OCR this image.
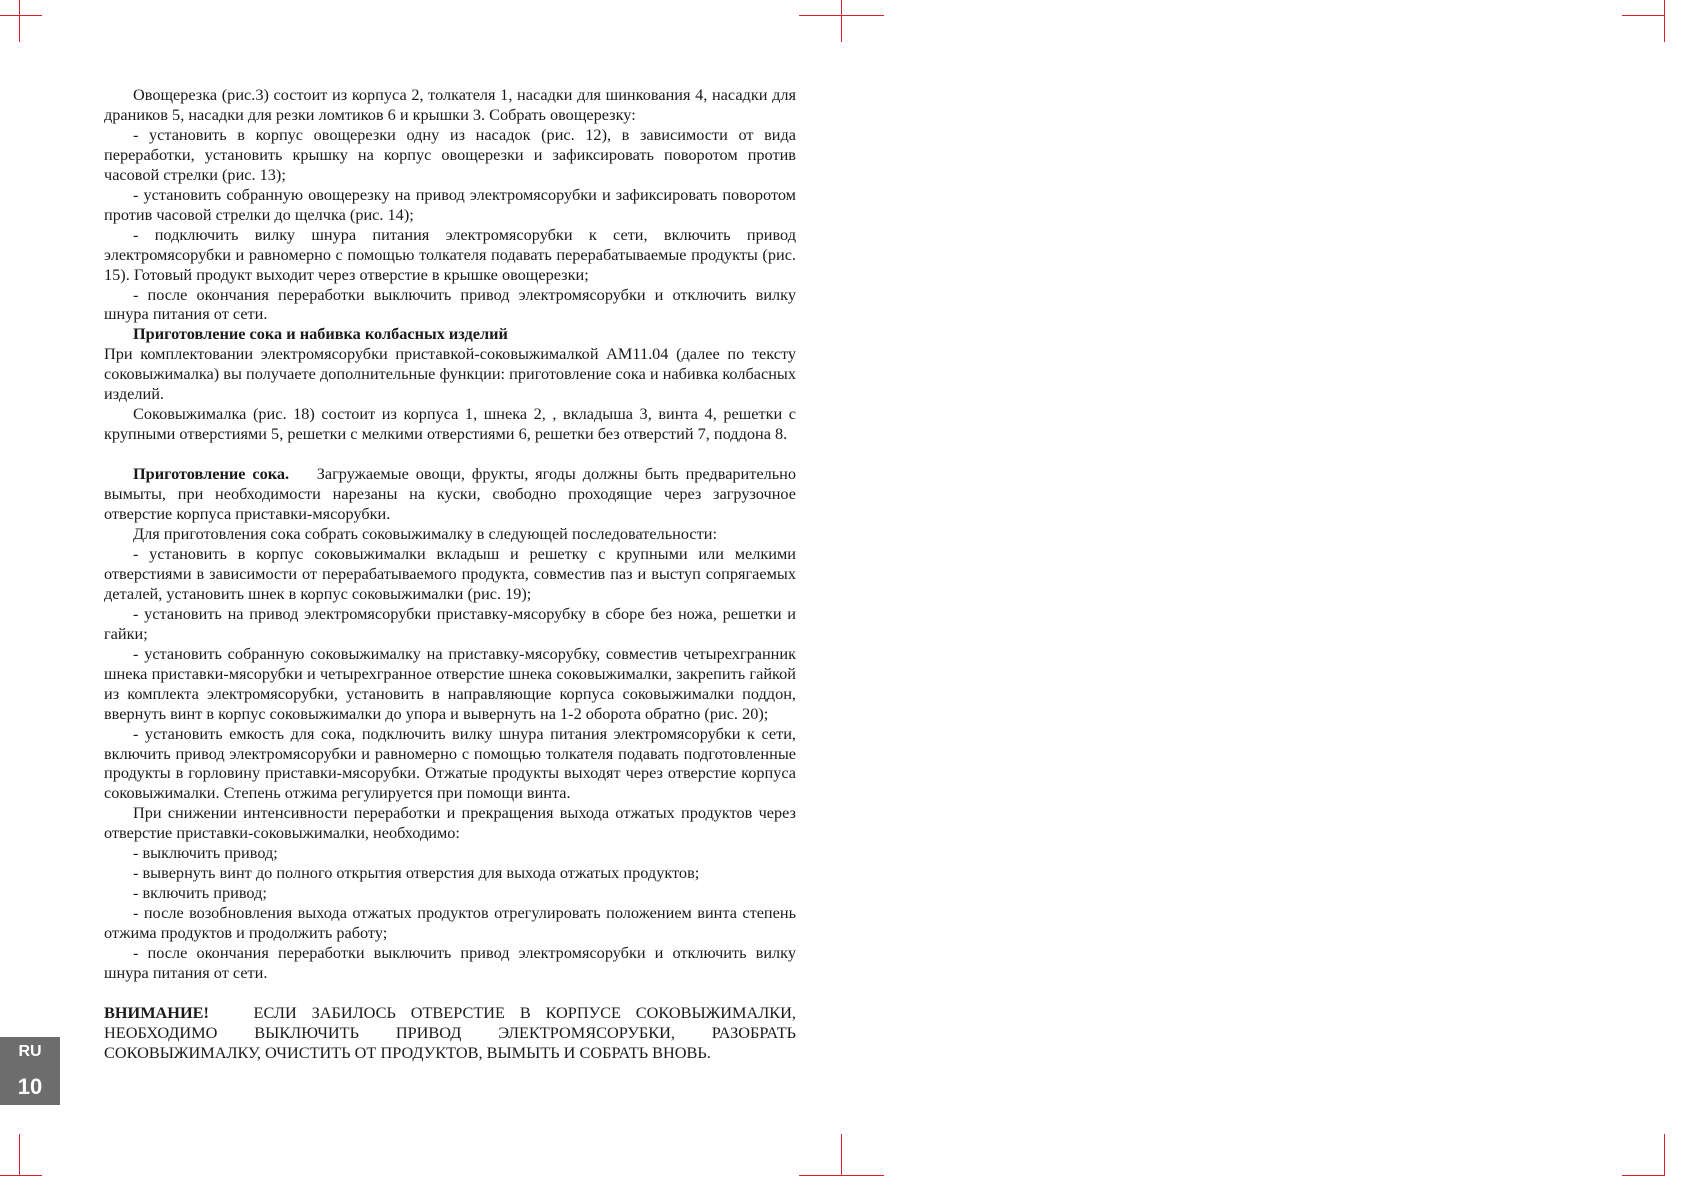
Овощерезка (рис.3) состоит из корпуса 2, толкателя 1, насадки для шинкования 4, насадки для драников 5, насадки для резки ломтиков 6 и крышки 3. Собрать овощерезку:

- установить в корпус овощерезки одну из насадок (рис. 12), в зависимости от вида переработки, установить крышку на корпус овощерезки и зафиксировать поворотом против часовой стрелки (рис. 13);

- установить собранную овощерезку на привод электромясорубки и зафиксировать поворотом против часовой стрелки до щелчка (рис. 14);

- подключить вилку шнура питания электромясорубки к сети, включить привод электромясорубки и равномерно с помощью толкателя подавать перерабатываемые продукты (рис. 15). Готовый продукт выходит через отверстие в крышке овощерезки;

- после окончания переработки выключить привод электромясорубки и отключить вилку шнура питания от сети.

Приготовление сока и набивка колбасных изделий

При комплектовании электромясорубки приставкой-соковыжималкой АМ11.04 (далее по тексту соковыжималка) вы получаете дополнительные функции: приготовление сока и набивка колбасных изделий.

Соковыжималка (рис. 18) состоит из корпуса 1, шнека 2, , вкладыша 3, винта 4, решетки с крупными отверстиями 5, решетки с мелкими отверстиями 6, решетки без отверстий 7, поддона 8.

Приготовление сока. Загружаемые овощи, фрукты, ягоды должны быть предварительно вымыты, при необходимости нарезаны на куски, свободно проходящие через загрузочное отверстие корпуса приставки-мясорубки.

Для приготовления сока собрать соковыжималку в следующей последовательности:

- установить в корпус соковыжималки вкладыш и решетку с крупными или мелкими отверстиями в зависимости от перерабатываемого продукта, совместив паз и выступ сопрягаемых деталей, установить шнек в корпус соковыжималки (рис. 19);

- установить на привод электромясорубки приставку-мясорубку в сборе без ножа, решетки и гайки;

- установить собранную соковыжималку на приставку-мясорубку, совместив четырехгранник шнека приставки-мясорубки и четырехгранное отверстие шнека соковыжималки, закрепить гайкой из комплекта электромясорубки, установить в направляющие корпуса соковыжималки поддон, ввернуть винт в корпус соковыжималки до упора и вывернуть на 1-2 оборота обратно (рис. 20);

- установить емкость для сока, подключить вилку шнура питания электромясорубки к сети, включить привод электромясорубки и равномерно с помощью толкателя подавать подготовленные продукты в горловину приставки-мясорубки. Отжатые продукты выходят через отверстие корпуса соковыжималки. Степень отжима регулируется при помощи винта.

При снижении интенсивности переработки и прекращения выхода отжатых продуктов через отверстие приставки-соковыжималки, необходимо:

- выключить привод;

- вывернуть винт до полного открытия отверстия для выхода отжатых продуктов;

- включить привод;

- после возобновления выхода отжатых продуктов отрегулировать положением винта степень отжима продуктов и продолжить работу;

- после окончания переработки выключить привод электромясорубки и отключить вилку шнура питания от сети.

ВНИМАНИЕ!	ЕСЛИ ЗАБИЛОСЬ ОТВЕРСТИЕ В КОРПУСЕ СОКОВЫЖИМАЛКИ, НЕОБХОДИМО ВЫКЛЮЧИТЬ ПРИВОД ЭЛЕКТРОМЯСОРУБКИ, РАЗОБРАТЬ СОКОВЫЖИМАЛКУ, ОЧИСТИТЬ ОТ ПРОДУКТОВ, ВЫМЫТЬ И СОБРАТЬ ВНОВЬ.

RU
10
